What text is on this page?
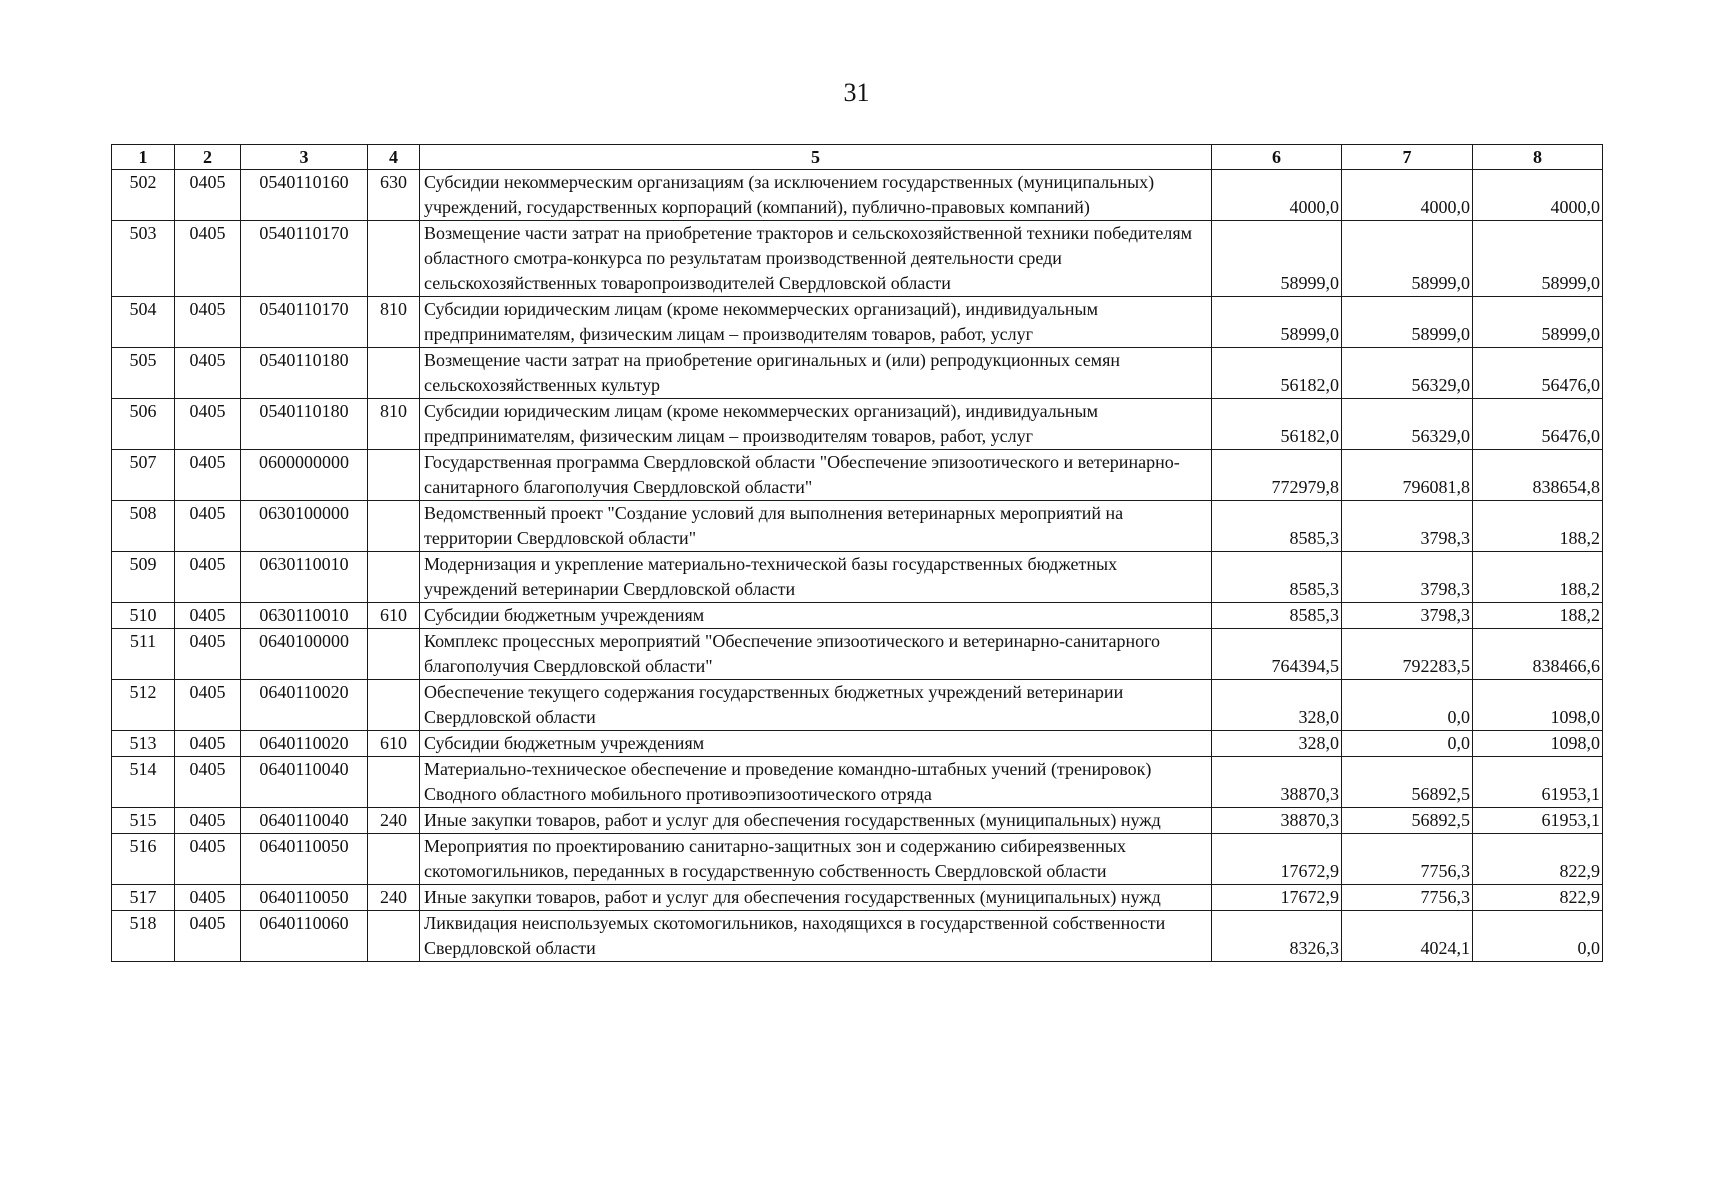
31
1	2	3	4	5	6	7	8
502	0405	0540110160	630	Субсидии некоммерческим организациям (за исключением государственных (муниципальных) учреждений, государственных корпораций (компаний), публично-правовых компаний)	4000,0	4000,0	4000,0
503	0405	0540110170		Возмещение части затрат на приобретение тракторов и сельскохозяйственной техники победителям областного смотра-конкурса по результатам производственной деятельности среди сельскохозяйственных товаропроизводителей Свердловской области	58999,0	58999,0	58999,0
504	0405	0540110170	810	Субсидии юридическим лицам (кроме некоммерческих организаций), индивидуальным предпринимателям, физическим лицам – производителям товаров, работ, услуг	58999,0	58999,0	58999,0
505	0405	0540110180		Возмещение части затрат на приобретение оригинальных и (или) репродукционных семян сельскохозяйственных культур	56182,0	56329,0	56476,0
506	0405	0540110180	810	Субсидии юридическим лицам (кроме некоммерческих организаций), индивидуальным предпринимателям, физическим лицам – производителям товаров, работ, услуг	56182,0	56329,0	56476,0
507	0405	0600000000		Государственная программа Свердловской области "Обеспечение эпизоотического и ветеринарно-санитарного благополучия Свердловской области"	772979,8	796081,8	838654,8
508	0405	0630100000		Ведомственный проект "Создание условий для выполнения ветеринарных мероприятий на территории Свердловской области"	8585,3	3798,3	188,2
509	0405	0630110010		Модернизация и укрепление материально-технической базы государственных бюджетных учреждений ветеринарии Свердловской области	8585,3	3798,3	188,2
510	0405	0630110010	610	Субсидии бюджетным учреждениям	8585,3	3798,3	188,2
511	0405	0640100000		Комплекс процессных мероприятий "Обеспечение эпизоотического и ветеринарно-санитарного благополучия Свердловской области"	764394,5	792283,5	838466,6
512	0405	0640110020		Обеспечение текущего содержания государственных бюджетных учреждений ветеринарии Свердловской области	328,0	0,0	1098,0
513	0405	0640110020	610	Субсидии бюджетным учреждениям	328,0	0,0	1098,0
514	0405	0640110040		Материально-техническое обеспечение и проведение командно-штабных учений (тренировок) Сводного областного мобильного противоэпизоотического отряда	38870,3	56892,5	61953,1
515	0405	0640110040	240	Иные закупки товаров, работ и услуг для обеспечения государственных (муниципальных) нужд	38870,3	56892,5	61953,1
516	0405	0640110050		Мероприятия по проектированию санитарно-защитных зон и содержанию сибиреязвенных скотомогильников, переданных в государственную собственность Свердловской области	17672,9	7756,3	822,9
517	0405	0640110050	240	Иные закупки товаров, работ и услуг для обеспечения государственных (муниципальных) нужд	17672,9	7756,3	822,9
518	0405	0640110060		Ликвидация неиспользуемых скотомогильников, находящихся в государственной собственности Свердловской области	8326,3	4024,1	0,0
